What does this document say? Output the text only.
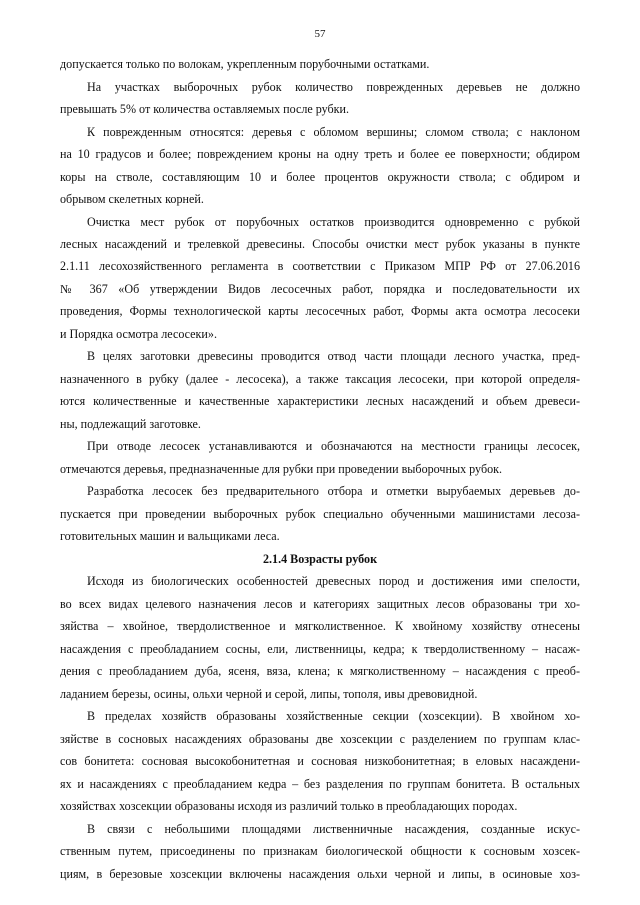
57
допускается только по волокам, укрепленным порубочными остатками.
На участках выборочных рубок количество поврежденных деревьев не должно
превышать 5% от количества оставляемых после рубки.
К поврежденным относятся: деревья с обломом вершины; сломом ствола; с наклоном
на 10 градусов и более; повреждением кроны на одну треть и более ее поверхности; обдиром
коры на стволе, составляющим 10 и более процентов окружности ствола; с обдиром и
обрывом скелетных корней.
Очистка мест рубок от порубочных остатков производится одновременно с рубкой
лесных насаждений и трелевкой древесины. Способы очистки мест рубок указаны в пункте
2.1.11 лесохозяйственного регламента в соответствии с Приказом МПР РФ от 27.06.2016
№ 367 «Об утверждении Видов лесосечных работ, порядка и последовательности их
проведения, Формы технологической карты лесосечных работ, Формы акта осмотра лесосеки
и Порядка осмотра лесосеки».
В целях заготовки древесины проводится отвод части площади лесного участка, пред-
назначенного в рубку (далее - лесосека), а также таксация лесосеки, при которой определя-
ются количественные и качественные характеристики лесных насаждений и объем древеси-
ны, подлежащий заготовке.
При отводе лесосек устанавливаются и обозначаются на местности границы лесосек,
отмечаются деревья, предназначенные для рубки при проведении выборочных рубок.
Разработка лесосек без предварительного отбора и отметки вырубаемых деревьев до-
пускается при проведении выборочных рубок специально обученными машинистами лесоза-
готовительных машин и вальщиками леса.
2.1.4 Возрасты рубок
Исходя из биологических особенностей древесных пород и достижения ими спелости,
во всех видах целевого назначения лесов и категориях защитных лесов образованы три хо-
зяйства – хвойное, твердолиственное и мягколиственное. К хвойному хозяйству отнесены
насаждения с преобладанием сосны, ели, лиственницы, кедра; к твердолиственному – насаж-
дения с преобладанием дуба, ясеня, вяза, клена; к мягколиственному – насаждения с преоб-
ладанием березы, осины, ольхи черной и серой, липы, тополя, ивы древовидной.
В пределах хозяйств образованы хозяйственные секции (хозсекции). В хвойном хо-
зяйстве в сосновых насаждениях образованы две хозсекции с разделением по группам клас-
сов бонитета: сосновая высокобонитетная и сосновая низкобонитетная; в еловых насаждени-
ях и насаждениях с преобладанием кедра – без разделения по группам бонитета. В остальных
хозяйствах хозсекции образованы исходя из различий только в преобладающих породах.
В связи с небольшими площадями лиственничные насаждения, созданные искус-
ственным путем, присоединены по признакам биологической общности к сосновым хозсек-
циям, в березовые хозсекции включены насаждения ольхи черной и липы, в осиновые хоз-
